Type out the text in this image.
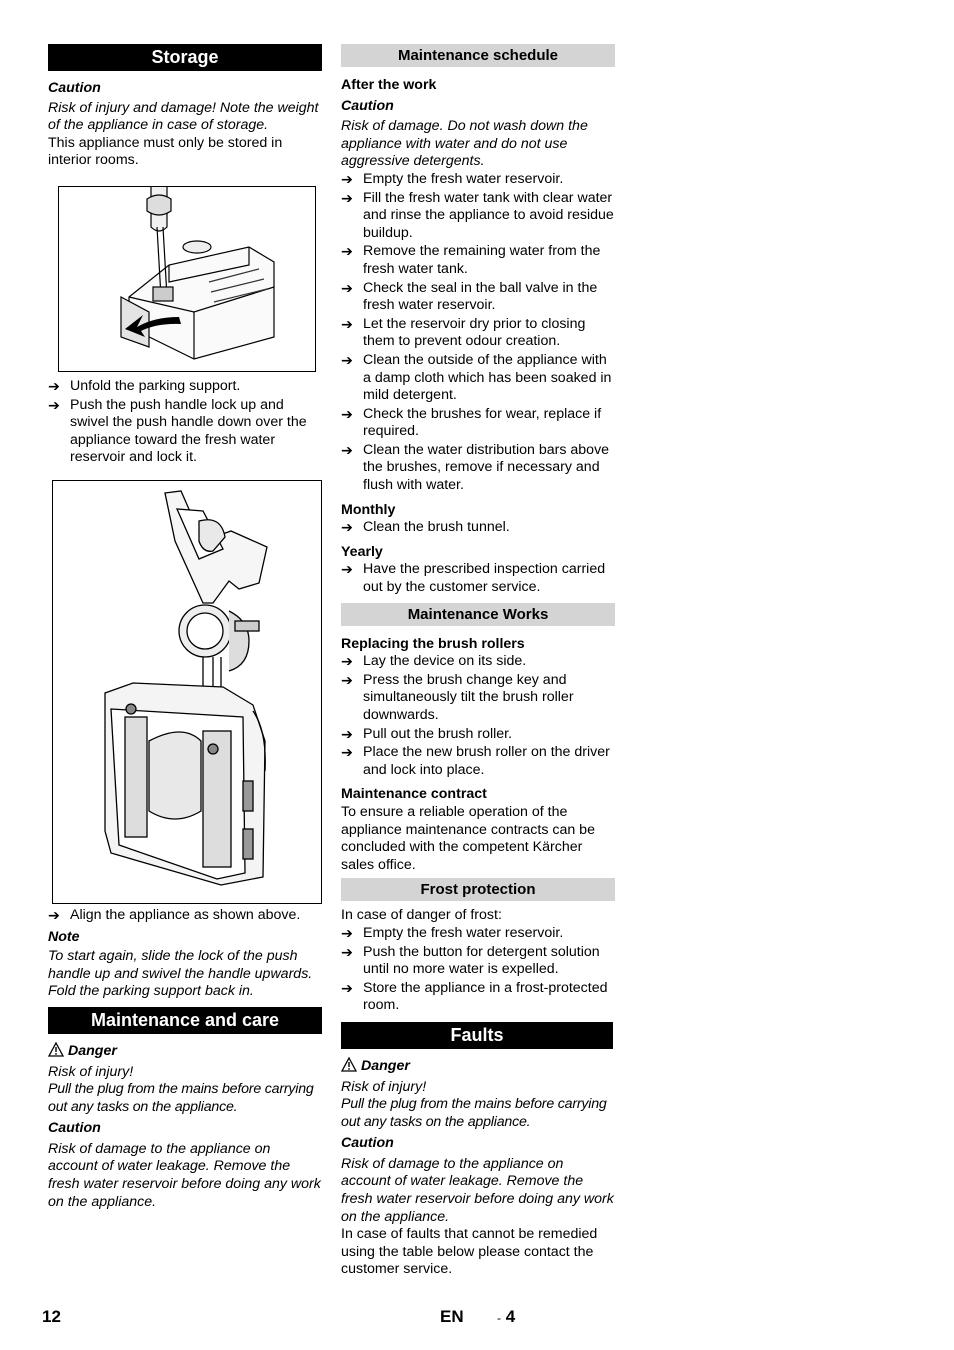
Storage

Caution

Risk of injury and damage! Note the weight of the appliance in case of storage.

This appliance must only be stored in interior rooms.

➔ Unfold the parking support.
➔ Push the push handle lock up and swivel the push handle down over the appliance toward the fresh water reservoir and lock it.
➔ Align the appliance as shown above.

Note

To start again, slide the lock of the push handle up and swivel the handle upwards. Fold the parking support back in.

Maintenance and care

Danger

Risk of injury!

Pull the plug from the mains before carrying out any tasks on the appliance.

Caution

Risk of damage to the appliance on account of water leakage. Remove the fresh water reservoir before doing any work on the appliance.

Maintenance schedule

After the work

Caution

Risk of damage. Do not wash down the appliance with water and do not use aggressive detergents.

➔ Empty the fresh water reservoir.
➔ Fill the fresh water tank with clear water and rinse the appliance to avoid residue buildup.
➔ Remove the remaining water from the fresh water tank.
➔ Check the seal in the ball valve in the fresh water reservoir.
➔ Let the reservoir dry prior to closing them to prevent odour creation.
➔ Clean the outside of the appliance with a damp cloth which has been soaked in mild detergent.
➔ Check the brushes for wear, replace if required.
➔ Clean the water distribution bars above the brushes, remove if necessary and flush with water.

Monthly

➔ Clean the brush tunnel.

Yearly

➔ Have the prescribed inspection carried out by the customer service.
Maintenance Works

Replacing the brush rollers

➔ Lay the device on its side.
➔ Press the brush change key and simultaneously tilt the brush roller downwards.
➔ Pull out the brush roller.
➔ Place the new brush roller on the driver and lock into place.

Maintenance contract

To ensure a reliable operation of the appliance maintenance contracts can be concluded with the competent Kärcher sales office.

Frost protection

In case of danger of frost:

➔ Empty the fresh water reservoir.
➔ Push the button for detergent solution until no more water is expelled.
➔ Store the appliance in a frost-protected room.
Faults

Danger

Risk of injury!

Pull the plug from the mains before carrying out any tasks on the appliance.

Caution

Risk of damage to the appliance on account of water leakage. Remove the fresh water reservoir before doing any work on the appliance.

In case of faults that cannot be remedied using the table below please contact the customer service.

12	EN	- 4
